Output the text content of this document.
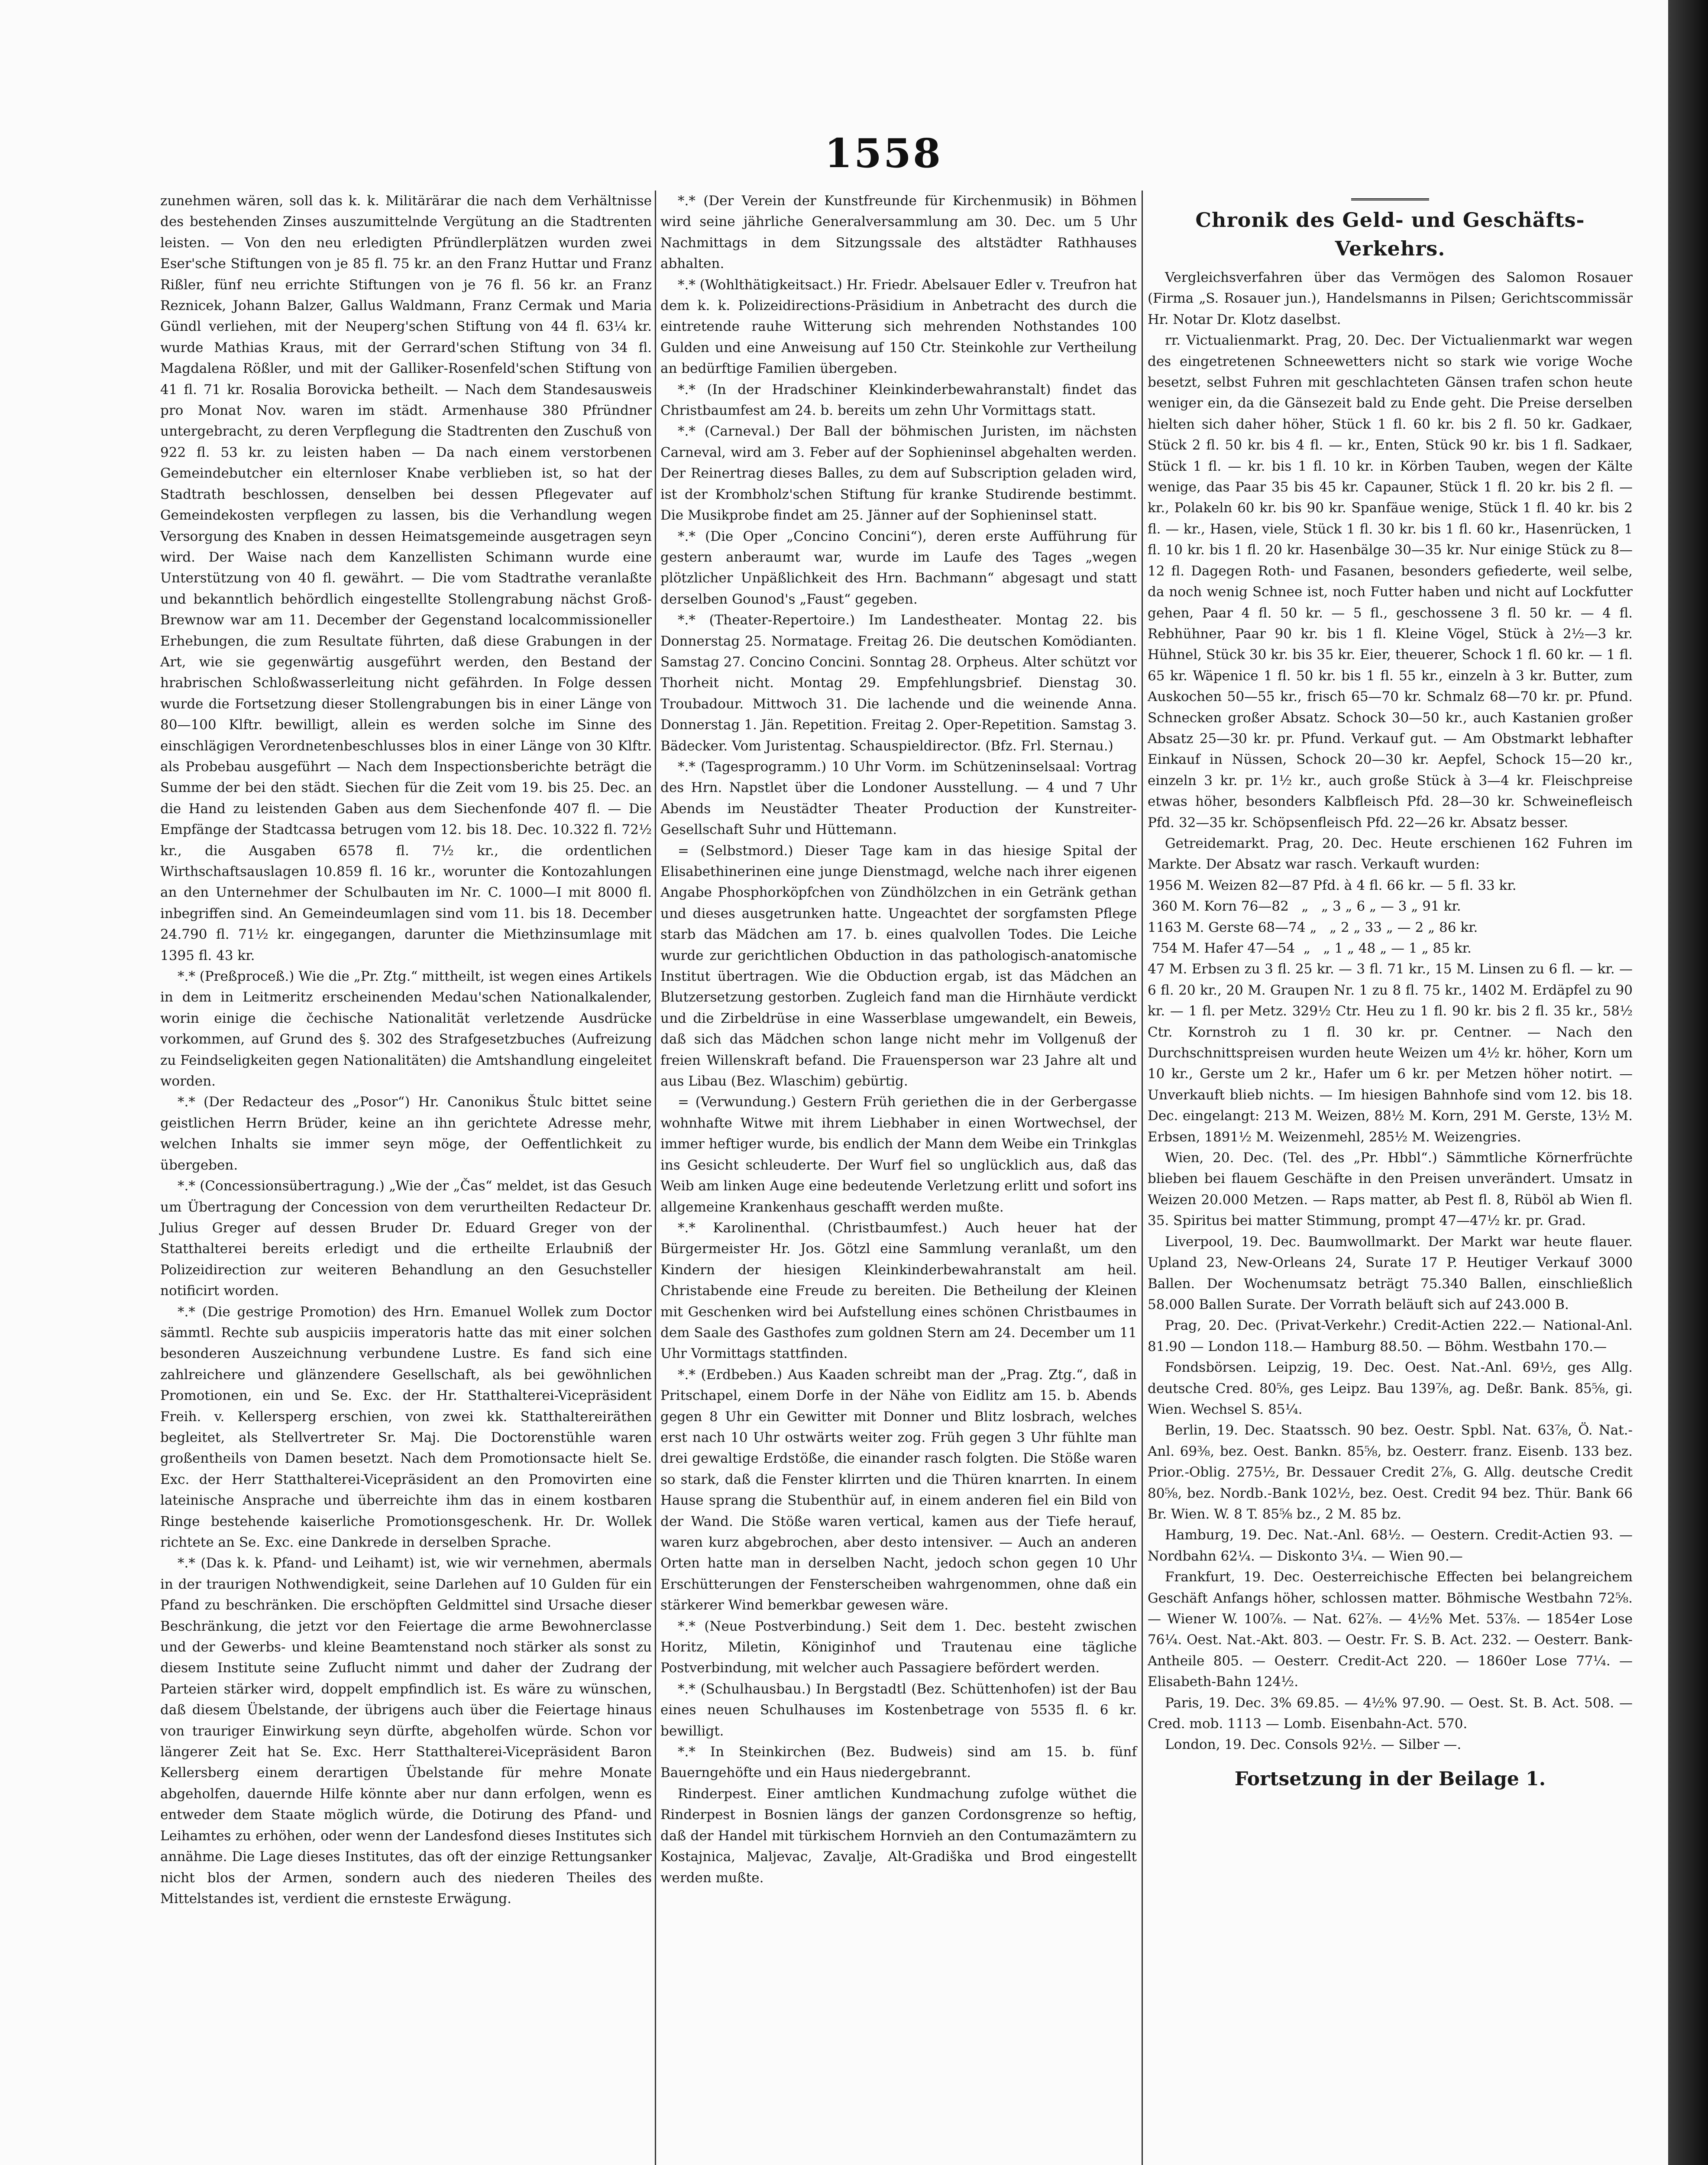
1558

zunehmen wären, soll das k. k. Militärärar die nach dem Verhältnisse des bestehenden Zinses auszumittelnde Vergütung an die Stadtrenten leisten. — Von den neu erledigten Pfründlerplätzen wurden zwei Eser'sche Stiftungen von je 85 fl. 75 kr. an den Franz Huttar und Franz Rißler, fünf neu errichte Stiftungen von je 76 fl. 56 kr. an Franz Reznicek, Johann Balzer, Gallus Waldmann, Franz Cermak und Maria Gündl verliehen, mit der Neuperg'schen Stiftung von 44 fl. 63¼ kr. wurde Mathias Kraus, mit der Gerrard'schen Stiftung von 34 fl. Magdalena Rößler, und mit der Galliker-Rosenfeld'schen Stiftung von 41 fl. 71 kr. Rosalia Borovicka betheilt. — Nach dem Standesausweis pro Monat Nov. waren im städt. Armenhause 380 Pfründner untergebracht, zu deren Verpflegung die Stadtrenten den Zuschuß von 922 fl. 53 kr. zu leisten haben — Da nach einem verstorbenen Gemeindebutcher ein elternloser Knabe verblieben ist, so hat der Stadtrath beschlossen, denselben bei dessen Pflegevater auf Gemeindekosten verpflegen zu lassen, bis die Verhandlung wegen Versorgung des Knaben in dessen Heimatsgemeinde ausgetragen seyn wird. Der Waise nach dem Kanzellisten Schimann wurde eine Unterstützung von 40 fl. gewährt. — Die vom Stadtrathe veranlaßte und bekanntlich behördlich eingestellte Stollengrabung nächst Groß-Brewnow war am 11. December der Gegenstand localcommissioneller Erhebungen, die zum Resultate führten, daß diese Grabungen in der Art, wie sie gegenwärtig ausgeführt werden, den Bestand der hrabrischen Schloßwasserleitung nicht gefährden. In Folge dessen wurde die Fortsetzung dieser Stollengrabungen bis in einer Länge von 80—100 Klftr. bewilligt, allein es werden solche im Sinne des einschlägigen Verordnetenbeschlusses blos in einer Länge von 30 Klftr. als Probebau ausgeführt — Nach dem Inspectionsberichte beträgt die Summe der bei den städt. Siechen für die Zeit vom 19. bis 25. Dec. an die Hand zu leistenden Gaben aus dem Siechenfonde 407 fl. — Die Empfänge der Stadtcassa betrugen vom 12. bis 18. Dec. 10.322 fl. 72½ kr., die Ausgaben 6578 fl. 7½ kr., die ordentlichen Wirthschaftsauslagen 10.859 fl. 16 kr., worunter die Kontozahlungen an den Unternehmer der Schulbauten im Nr. C. 1000—I mit 8000 fl. inbegriffen sind. An Gemeindeumlagen sind vom 11. bis 18. December 24.790 fl. 71½ kr. eingegangen, darunter die Miethzinsumlage mit 1395 fl. 43 kr.

*.* (Preßproceß.) Wie die „Pr. Ztg.“ mittheilt, ist wegen eines Artikels in dem in Leitmeritz erscheinenden Medau'schen Nationalkalender, worin einige die čechische Nationalität verletzende Ausdrücke vorkommen, auf Grund des §. 302 des Strafgesetzbuches (Aufreizung zu Feindseligkeiten gegen Nationalitäten) die Amtshandlung eingeleitet worden.

*.* (Der Redacteur des „Posor“) Hr. Canonikus Štulc bittet seine geistlichen Herrn Brüder, keine an ihn gerichtete Adresse mehr, welchen Inhalts sie immer seyn möge, der Oeffentlichkeit zu übergeben.

*.* (Concessionsübertragung.) „Wie der „Čas“ meldet, ist das Gesuch um Übertragung der Concession von dem verurtheilten Redacteur Dr. Julius Greger auf dessen Bruder Dr. Eduard Greger von der Statthalterei bereits erledigt und die ertheilte Erlaubniß der Polizeidirection zur weiteren Behandlung an den Gesuchsteller notificirt worden.

*.* (Die gestrige Promotion) des Hrn. Emanuel Wollek zum Doctor sämmtl. Rechte sub auspiciis imperatoris hatte das mit einer solchen besonderen Auszeichnung verbundene Lustre. Es fand sich eine zahlreichere und glänzendere Gesellschaft, als bei gewöhnlichen Promotionen, ein und Se. Exc. der Hr. Statthalterei-Vicepräsident Freih. v. Kellersperg erschien, von zwei kk. Statthaltereiräthen begleitet, als Stellvertreter Sr. Maj. Die Doctorenstühle waren großentheils von Damen besetzt. Nach dem Promotionsacte hielt Se. Exc. der Herr Statthalterei-Vicepräsident an den Promovirten eine lateinische Ansprache und überreichte ihm das in einem kostbaren Ringe bestehende kaiserliche Promotionsgeschenk. Hr. Dr. Wollek richtete an Se. Exc. eine Dankrede in derselben Sprache.

*.* (Das k. k. Pfand- und Leihamt) ist, wie wir vernehmen, abermals in der traurigen Nothwendigkeit, seine Darlehen auf 10 Gulden für ein Pfand zu beschränken. Die erschöpften Geldmittel sind Ursache dieser Beschränkung, die jetzt vor den Feiertage die arme Bewohnerclasse und der Gewerbs- und kleine Beamtenstand noch stärker als sonst zu diesem Institute seine Zuflucht nimmt und daher der Zudrang der Parteien stärker wird, doppelt empfindlich ist. Es wäre zu wünschen, daß diesem Übelstande, der übrigens auch über die Feiertage hinaus von trauriger Einwirkung seyn dürfte, abgeholfen würde. Schon vor längerer Zeit hat Se. Exc. Herr Statthalterei-Vicepräsident Baron Kellersberg einem derartigen Übelstande für mehre Monate abgeholfen, dauernde Hilfe könnte aber nur dann erfolgen, wenn es entweder dem Staate möglich würde, die Dotirung des Pfand- und Leihamtes zu erhöhen, oder wenn der Landesfond dieses Institutes sich annähme. Die Lage dieses Institutes, das oft der einzige Rettungsanker nicht blos der Armen, sondern auch des niederen Theiles des Mittelstandes ist, verdient die ernsteste Erwägung.

*.* (Der Verein der Kunstfreunde für Kirchenmusik) in Böhmen wird seine jährliche Generalversammlung am 30. Dec. um 5 Uhr Nachmittags in dem Sitzungssale des altstädter Rathhauses abhalten.

*.* (Wohlthätigkeitsact.) Hr. Friedr. Abelsauer Edler v. Treufron hat dem k. k. Polizeidirections-Präsidium in Anbetracht des durch die eintretende rauhe Witterung sich mehrenden Nothstandes 100 Gulden und eine Anweisung auf 150 Ctr. Steinkohle zur Vertheilung an bedürftige Familien übergeben.

*.* (In der Hradschiner Kleinkinderbewahranstalt) findet das Christbaumfest am 24. b. bereits um zehn Uhr Vormittags statt.

*.* (Carneval.) Der Ball der böhmischen Juristen, im nächsten Carneval, wird am 3. Feber auf der Sophieninsel abgehalten werden. Der Reinertrag dieses Balles, zu dem auf Subscription geladen wird, ist der Krombholz'schen Stiftung für kranke Studirende bestimmt. Die Musikprobe findet am 25. Jänner auf der Sophieninsel statt.

*.* (Die Oper „Concino Concini“), deren erste Aufführung für gestern anberaumt war, wurde im Laufe des Tages „wegen plötzlicher Unpäßlichkeit des Hrn. Bachmann“ abgesagt und statt derselben Gounod's „Faust“ gegeben.

*.* (Theater-Repertoire.) Im Landestheater. Montag 22. bis Donnerstag 25. Normatage. Freitag 26. Die deutschen Komödianten. Samstag 27. Concino Concini. Sonntag 28. Orpheus. Alter schützt vor Thorheit nicht. Montag 29. Empfehlungsbrief. Dienstag 30. Troubadour. Mittwoch 31. Die lachende und die weinende Anna. Donnerstag 1. Jän. Repetition. Freitag 2. Oper-Repetition. Samstag 3. Bädecker. Vom Juristentag. Schauspieldirector. (Bfz. Frl. Sternau.)

*.* (Tagesprogramm.) 10 Uhr Vorm. im Schützeninselsaal: Vortrag des Hrn. Napstlet über die Londoner Ausstellung. — 4 und 7 Uhr Abends im Neustädter Theater Production der Kunstreiter-Gesellschaft Suhr und Hüttemann.

= (Selbstmord.) Dieser Tage kam in das hiesige Spital der Elisabethinerinen eine junge Dienstmagd, welche nach ihrer eigenen Angabe Phosphorköpfchen von Zündhölzchen in ein Getränk gethan und dieses ausgetrunken hatte. Ungeachtet der sorgfamsten Pflege starb das Mädchen am 17. b. eines qualvollen Todes. Die Leiche wurde zur gerichtlichen Obduction in das pathologisch-anatomische Institut übertragen. Wie die Obduction ergab, ist das Mädchen an Blutzersetzung gestorben. Zugleich fand man die Hirnhäute verdickt und die Zirbeldrüse in eine Wasserblase umgewandelt, ein Beweis, daß sich das Mädchen schon lange nicht mehr im Vollgenuß der freien Willenskraft befand. Die Frauensperson war 23 Jahre alt und aus Libau (Bez. Wlaschim) gebürtig.

= (Verwundung.) Gestern Früh geriethen die in der Gerbergasse wohnhafte Witwe mit ihrem Liebhaber in einen Wortwechsel, der immer heftiger wurde, bis endlich der Mann dem Weibe ein Trinkglas ins Gesicht schleuderte. Der Wurf fiel so unglücklich aus, daß das Weib am linken Auge eine bedeutende Verletzung erlitt und sofort ins allgemeine Krankenhaus geschafft werden mußte.

*.* Karolinenthal. (Christbaumfest.) Auch heuer hat der Bürgermeister Hr. Jos. Götzl eine Sammlung veranlaßt, um den Kindern der hiesigen Kleinkinderbewahranstalt am heil. Christabende eine Freude zu bereiten. Die Betheilung der Kleinen mit Geschenken wird bei Aufstellung eines schönen Christbaumes in dem Saale des Gasthofes zum goldnen Stern am 24. December um 11 Uhr Vormittags stattfinden.

*.* (Erdbeben.) Aus Kaaden schreibt man der „Prag. Ztg.“, daß in Pritschapel, einem Dorfe in der Nähe von Eidlitz am 15. b. Abends gegen 8 Uhr ein Gewitter mit Donner und Blitz losbrach, welches erst nach 10 Uhr ostwärts weiter zog. Früh gegen 3 Uhr fühlte man drei gewaltige Erdstöße, die einander rasch folgten. Die Stöße waren so stark, daß die Fenster klirrten und die Thüren knarrten. In einem Hause sprang die Stubenthür auf, in einem anderen fiel ein Bild von der Wand. Die Stöße waren vertical, kamen aus der Tiefe herauf, waren kurz abgebrochen, aber desto intensiver. — Auch an anderen Orten hatte man in derselben Nacht, jedoch schon gegen 10 Uhr Erschütterungen der Fensterscheiben wahrgenommen, ohne daß ein stärkerer Wind bemerkbar gewesen wäre.

*.* (Neue Postverbindung.) Seit dem 1. Dec. besteht zwischen Horitz, Miletin, Königinhof und Trautenau eine tägliche Postverbindung, mit welcher auch Passagiere befördert werden.

*.* (Schulhausbau.) In Bergstadtl (Bez. Schüttenhofen) ist der Bau eines neuen Schulhauses im Kostenbetrage von 5535 fl. 6 kr. bewilligt.

*.* In Steinkirchen (Bez. Budweis) sind am 15. b. fünf Bauerngehöfte und ein Haus niedergebrannt.

Rinderpest. Einer amtlichen Kundmachung zufolge wüthet die Rinderpest in Bosnien längs der ganzen Cordonsgrenze so heftig, daß der Handel mit türkischem Hornvieh an den Contumazämtern zu Kostajnica, Maljevac, Zavalje, Alt-Gradiška und Brod eingestellt werden mußte.

Chronik des Geld- und Geschäfts-Verkehrs.

Vergleichsverfahren über das Vermögen des Salomon Rosauer (Firma „S. Rosauer jun.), Handelsmanns in Pilsen; Gerichtscommissär Hr. Notar Dr. Klotz daselbst.

rr. Victualienmarkt. Prag, 20. Dec. Der Victualienmarkt war wegen des eingetretenen Schneewetters nicht so stark wie vorige Woche besetzt, selbst Fuhren mit geschlachteten Gänsen trafen schon heute weniger ein, da die Gänsezeit bald zu Ende geht. Die Preise derselben hielten sich daher höher, Stück 1 fl. 60 kr. bis 2 fl. 50 kr. Gadkaer, Stück 2 fl. 50 kr. bis 4 fl. — kr., Enten, Stück 90 kr. bis 1 fl. Sadkaer, Stück 1 fl. — kr. bis 1 fl. 10 kr. in Körben Tauben, wegen der Kälte wenige, das Paar 35 bis 45 kr. Capauner, Stück 1 fl. 20 kr. bis 2 fl. — kr., Polakeln 60 kr. bis 90 kr. Spanfäue wenige, Stück 1 fl. 40 kr. bis 2 fl. — kr., Hasen, viele, Stück 1 fl. 30 kr. bis 1 fl. 60 kr., Hasenrücken, 1 fl. 10 kr. bis 1 fl. 20 kr. Hasenbälge 30—35 kr. Nur einige Stück zu 8—12 fl. Dagegen Roth- und Fasanen, besonders gefiederte, weil selbe, da noch wenig Schnee ist, noch Futter haben und nicht auf Lockfutter gehen, Paar 4 fl. 50 kr. — 5 fl., geschossene 3 fl. 50 kr. — 4 fl. Rebhühner, Paar 90 kr. bis 1 fl. Kleine Vögel, Stück à 2½—3 kr. Hühnel, Stück 30 kr. bis 35 kr. Eier, theuerer, Schock 1 fl. 60 kr. — 1 fl. 65 kr. Wäpenice 1 fl. 50 kr. bis 1 fl. 55 kr., einzeln à 3 kr. Butter, zum Auskochen 50—55 kr., frisch 65—70 kr. Schmalz 68—70 kr. pr. Pfund. Schnecken großer Absatz. Schock 30—50 kr., auch Kastanien großer Absatz 25—30 kr. pr. Pfund. Verkauf gut. — Am Obstmarkt lebhafter Einkauf in Nüssen, Schock 20—30 kr. Aepfel, Schock 15—20 kr., einzeln 3 kr. pr. 1½ kr., auch große Stück à 3—4 kr. Fleischpreise etwas höher, besonders Kalbfleisch Pfd. 28—30 kr. Schweinefleisch Pfd. 32—35 kr. Schöpsenfleisch Pfd. 22—26 kr. Absatz besser.

Getreidemarkt. Prag, 20. Dec. Heute erschienen 162 Fuhren im Markte. Der Absatz war rasch. Verkauft wurden:

1956 M. Weizen 82—87 Pfd. à 4 fl. 66 kr. — 5 fl. 33 kr.
360 M. Korn 76—82   „   „ 3 „ 6 „ — 3 „ 91 kr.
1163 M. Gerste 68—74 „   „ 2 „ 33 „ — 2 „ 86 kr.
754 M. Hafer 47—54  „   „ 1 „ 48 „ — 1 „ 85 kr.

47 M. Erbsen zu 3 fl. 25 kr. — 3 fl. 71 kr., 15 M. Linsen zu 6 fl. — kr. — 6 fl. 20 kr., 20 M. Graupen Nr. 1 zu 8 fl. 75 kr., 1402 M. Erdäpfel zu 90 kr. — 1 fl. per Metz. 329½ Ctr. Heu zu 1 fl. 90 kr. bis 2 fl. 35 kr., 58½ Ctr. Kornstroh zu 1 fl. 30 kr. pr. Centner. — Nach den Durchschnittspreisen wurden heute Weizen um 4½ kr. höher, Korn um 10 kr., Gerste um 2 kr., Hafer um 6 kr. per Metzen höher notirt. — Unverkauft blieb nichts. — Im hiesigen Bahnhofe sind vom 12. bis 18. Dec. eingelangt: 213 M. Weizen, 88½ M. Korn, 291 M. Gerste, 13½ M. Erbsen, 1891½ M. Weizenmehl, 285½ M. Weizengries.

Wien, 20. Dec. (Tel. des „Pr. Hbbl“.) Sämmtliche Körnerfrüchte blieben bei flauem Geschäfte in den Preisen unverändert. Umsatz in Weizen 20.000 Metzen. — Raps matter, ab Pest fl. 8, Rüböl ab Wien fl. 35. Spiritus bei matter Stimmung, prompt 47—47½ kr. pr. Grad.

Liverpool, 19. Dec. Baumwollmarkt. Der Markt war heute flauer. Upland 23, New-Orleans 24, Surate 17 P. Heutiger Verkauf 3000 Ballen. Der Wochenumsatz beträgt 75.340 Ballen, einschließlich 58.000 Ballen Surate. Der Vorrath beläuft sich auf 243.000 B.

Prag, 20. Dec. (Privat-Verkehr.) Credit-Actien 222.— National-Anl. 81.90 — London 118.— Hamburg 88.50. — Böhm. Westbahn 170.—

Fondsbörsen. Leipzig, 19. Dec. Oest. Nat.-Anl. 69½, ges Allg. deutsche Cred. 80⅝, ges Leipz. Bau 139⅞, ag. Deßr. Bank. 85⅝, gi. Wien. Wechsel S. 85¼.

Berlin, 19. Dec. Staatssch. 90 bez. Oestr. Spbl. Nat. 63⅞, Ö. Nat.-Anl. 69⅜, bez. Oest. Bankn. 85⅝, bz. Oesterr. franz. Eisenb. 133 bez. Prior.-Oblig. 275½, Br. Dessauer Credit 2⅞, G. Allg. deutsche Credit 80⅝, bez. Nordb.-Bank 102½, bez. Oest. Credit 94 bez. Thür. Bank 66 Br. Wien. W. 8 T. 85⅝ bz., 2 M. 85 bz.

Hamburg, 19. Dec. Nat.-Anl. 68½. — Oestern. Credit-Actien 93. — Nordbahn 62¼. — Diskonto 3¼. — Wien 90.—

Frankfurt, 19. Dec. Oesterreichische Effecten bei belangreichem Geschäft Anfangs höher, schlossen matter. Böhmische Westbahn 72⅝. — Wiener W. 100⅞. — Nat. 62⅞. — 4½% Met. 53⅞. — 1854er Lose 76¼. Oest. Nat.-Akt. 803. — Oestr. Fr. S. B. Act. 232. — Oesterr. Bank-Antheile 805. — Oesterr. Credit-Act 220. — 1860er Lose 77¼. — Elisabeth-Bahn 124½.

Paris, 19. Dec. 3% 69.85. — 4½% 97.90. — Oest. St. B. Act. 508. — Cred. mob. 1113 — Lomb. Eisenbahn-Act. 570.

London, 19. Dec. Consols 92½. — Silber —.

Fortsetzung in der Beilage 1.
